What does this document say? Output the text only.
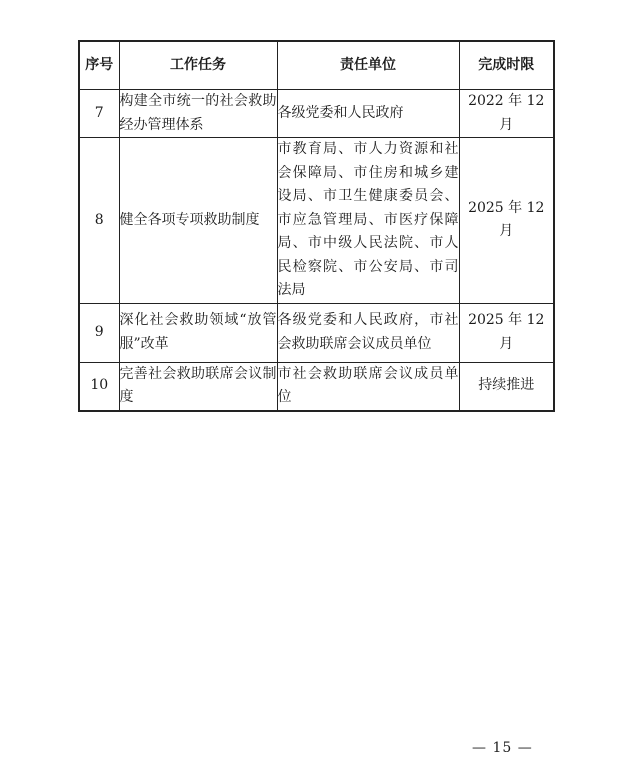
序号	工作任务	责任单位	完成时限
7	构建全市统一的社会救助经办管理体系	各级党委和人民政府	2022 年 12 月
8	健全各项专项救助制度	市教育局、市人力资源和社会保障局、市住房和城乡建设局、市卫生健康委员会、市应急管理局、市医疗保障局、市中级人民法院、市人民检察院、市公安局、市司法局	2025 年 12 月
9	深化社会救助领域“放管服”改革	各级党委和人民政府，市社会救助联席会议成员单位	2025 年 12 月
10	完善社会救助联席会议制度	市社会救助联席会议成员单位	持续推进
— 15 —
